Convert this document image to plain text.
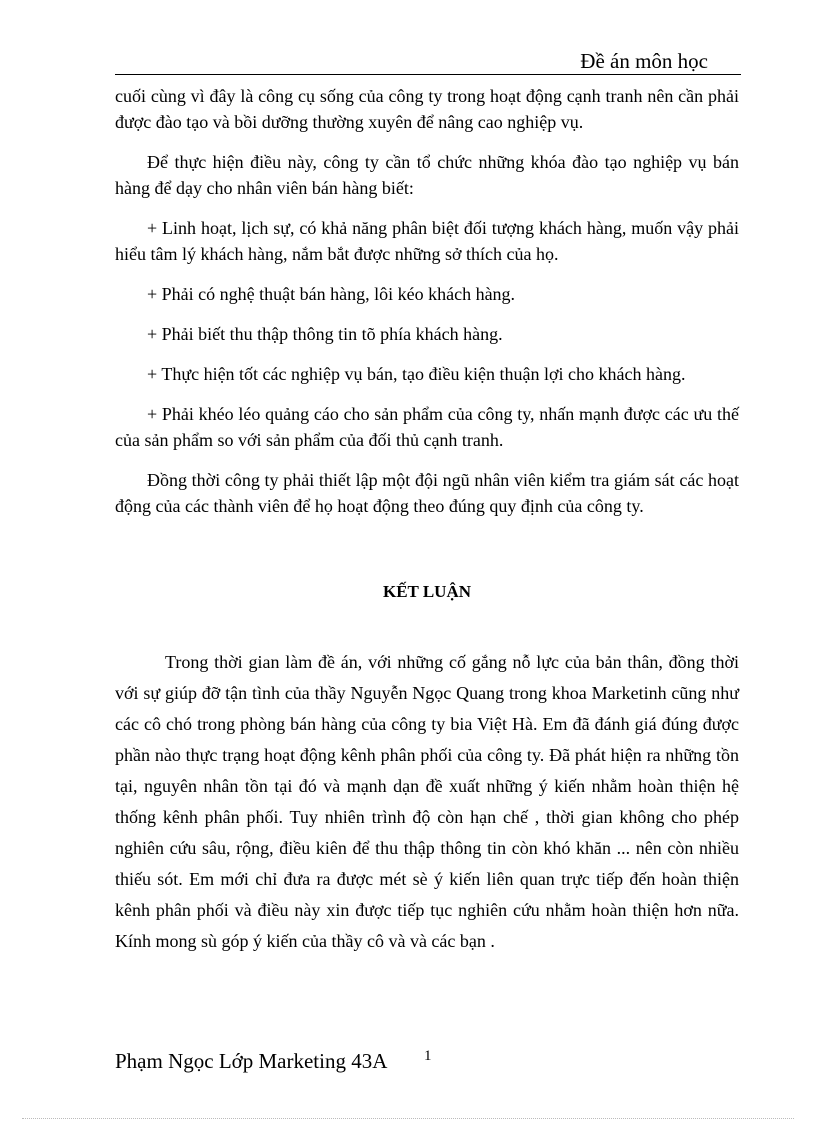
Đề án môn học

cuối cùng vì đây là công cụ sống của công ty trong hoạt động cạnh tranh nên cần phải được đào tạo và bồi dưỡng thường xuyên để nâng cao nghiệp vụ.

Để thực hiện điều này, công ty cần tổ chức những khóa đào tạo nghiệp vụ bán hàng để dạy cho nhân viên bán hàng biết:

+ Linh hoạt, lịch sự, có khả năng phân biệt đối tượng khách hàng, muốn vậy phải hiểu tâm lý khách hàng, nắm bắt được những sở thích của họ.

+ Phải có nghệ thuật bán hàng, lôi kéo khách hàng.

+ Phải biết thu thập thông tin tõ phía khách hàng.

+ Thực hiện tốt các nghiệp vụ bán, tạo điều kiện thuận lợi cho khách hàng.

+ Phải khéo léo quảng cáo cho sản phẩm của công ty, nhấn mạnh được các ưu thế của sản phẩm so với sản phẩm của đối thủ cạnh tranh.

Đồng thời công ty phải thiết lập một đội ngũ nhân viên kiểm tra giám sát các hoạt động của các thành viên để họ hoạt động theo đúng quy định của công ty.

KẾT LUẬN

Trong thời gian làm đề án, với những cố gắng nỗ lực của bản thân, đồng thời với sự giúp đỡ tận tình của thầy Nguyễn Ngọc Quang trong khoa Marketinh cũng như các cô chó trong phòng bán hàng của công ty bia Việt Hà. Em đã đánh giá đúng được phần nào thực trạng hoạt động kênh phân phối của công ty. Đã phát hiện ra những tồn tại, nguyên nhân tồn tại đó và mạnh dạn đề xuất những ý kiến nhằm hoàn thiện hệ thống kênh phân phối. Tuy nhiên trình độ còn hạn chế , thời gian không cho phép nghiên cứu sâu, rộng, điều kiên để thu thập thông tin còn khó khăn ... nên còn nhiều thiếu sót. Em mới chỉ đưa ra được mét sè ý kiến liên quan trực tiếp đến hoàn thiện kênh phân phối và điều này xin được tiếp tục nghiên cứu nhằm hoàn thiện hơn nữa. Kính mong sù góp ý kiến của thầy cô và và các bạn .

Phạm Ngọc Lớp Marketing 43A 1
